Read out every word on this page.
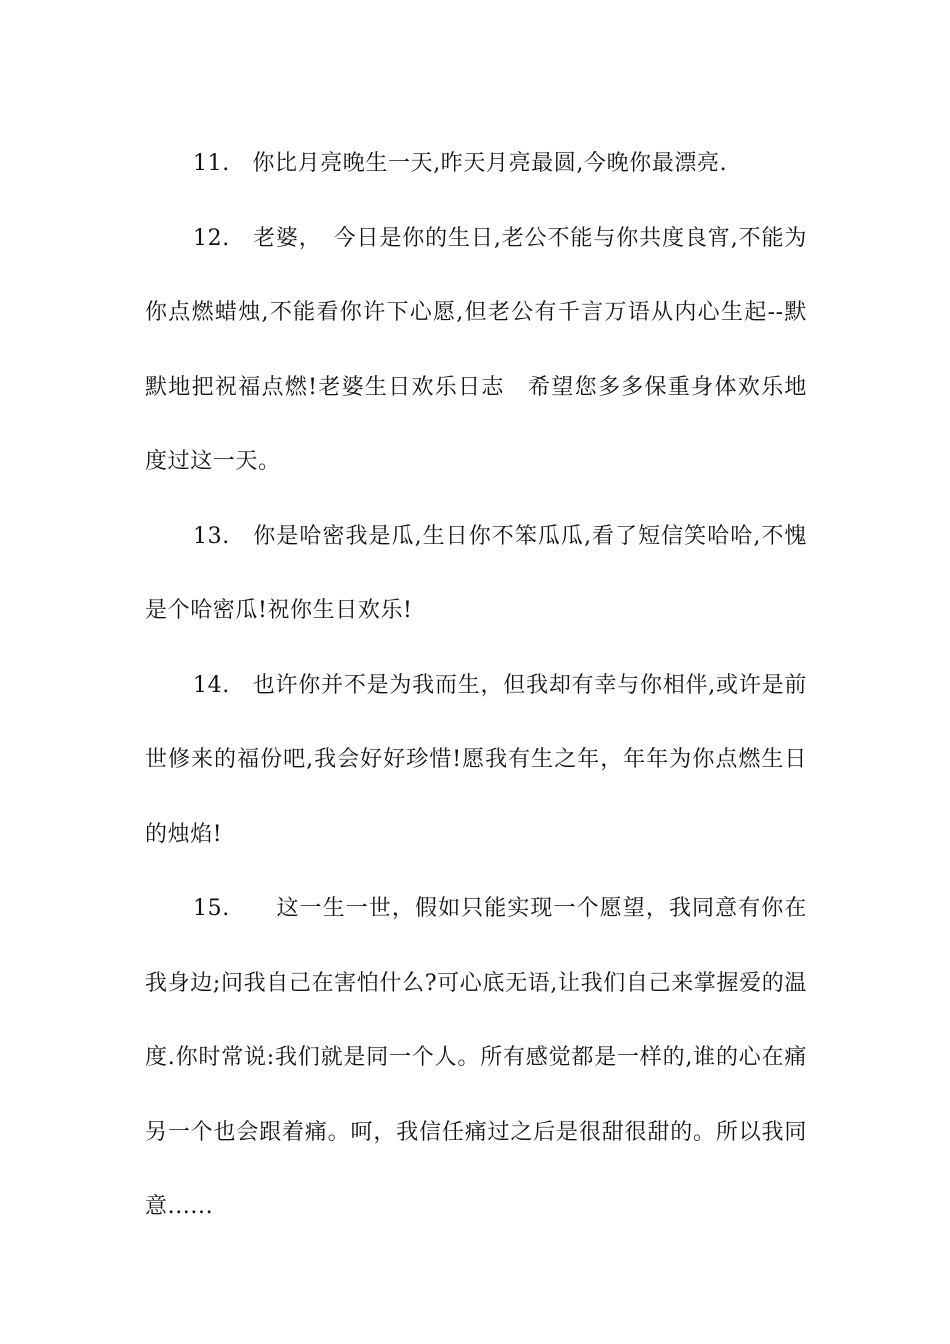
11.　你比月亮晚生一天,昨天月亮最圆,今晚你最漂亮.

12.　老婆，　今日是你的生日,老公不能与你共度良宵,不能为你点燃蜡烛,不能看你许下心愿,但老公有千言万语从内心生起--默默地把祝福点燃!老婆生日欢乐日志　希望您多多保重身体欢乐地度过这一天。

13.　你是哈密我是瓜,生日你不笨瓜瓜,看了短信笑哈哈,不愧是个哈密瓜!祝你生日欢乐!

14.　也许你并不是为我而生，但我却有幸与你相伴,或许是前世修来的福份吧,我会好好珍惜!愿我有生之年，年年为你点燃生日的烛焰!

15.　　这一生一世，假如只能实现一个愿望，我同意有你在我身边;问我自己在害怕什么?可心底无语,让我们自己来掌握爱的温度.你时常说:我们就是同一个人。所有感觉都是一样的,谁的心在痛另一个也会跟着痛。呵，我信任痛过之后是很甜很甜的。所以我同意......
